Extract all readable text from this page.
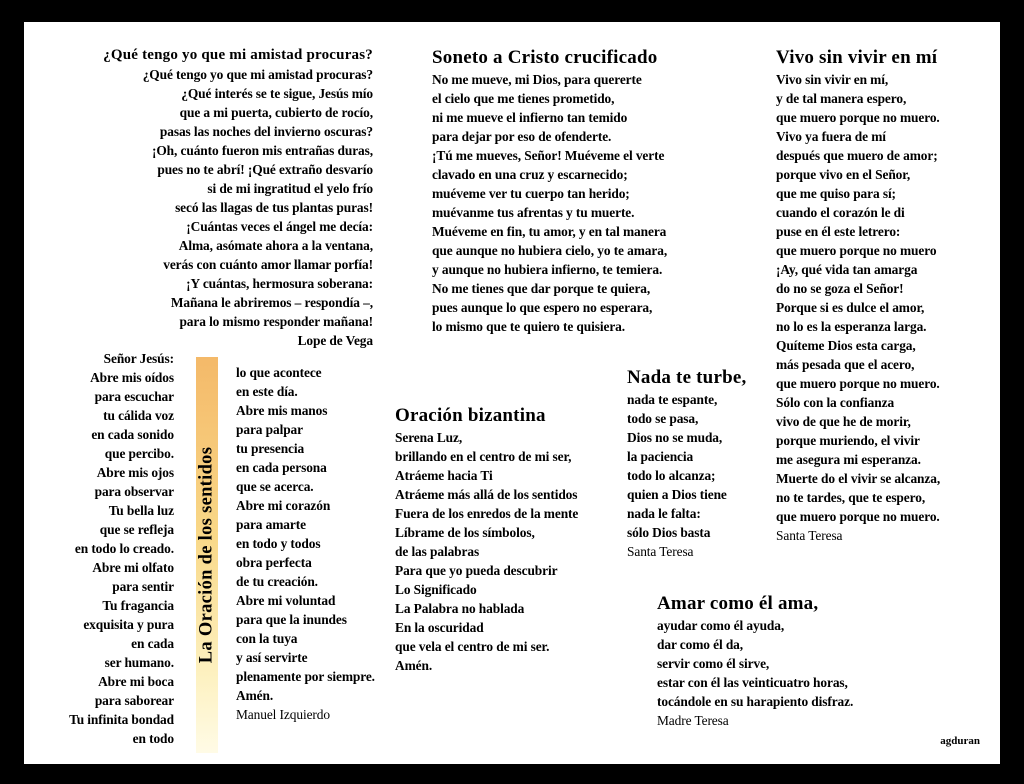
¿Qué tengo yo que mi amistad procuras?
¿Qué tengo yo que mi amistad procuras?
¿Qué interés se te sigue, Jesús mío
que a mi puerta, cubierto de rocío,
pasas las noches del invierno oscuras?
¡Oh, cuánto fueron mis entrañas duras,
pues no te abrí! ¡Qué extraño desvarío
si de mi ingratitud el yelo frío
secó las llagas de tus plantas puras!
¡Cuántas veces el ángel me decía:
Alma, asómate ahora a la ventana,
verás con cuánto amor llamar porfía!
¡Y cuántas, hermosura soberana:
Mañana le abriremos – respondía –,
para lo mismo responder mañana!
Lope de Vega
Soneto a Cristo crucificado
No me mueve, mi Dios, para quererte
el cielo que me tienes prometido,
ni me mueve el infierno tan temido
para dejar por eso de ofenderte.
¡Tú me mueves, Señor! Muéveme el verte
clavado en una cruz y escarnecido;
muéveme ver tu cuerpo tan herido;
muévanme tus afrentas y tu muerte.
Muéveme en fin, tu amor, y en tal manera
que aunque no hubiera cielo, yo te amara,
y aunque no hubiera infierno, te temiera.
No me tienes que dar porque te quiera,
pues aunque lo que espero no esperara,
lo mismo que te quiero te quisiera.
Vivo sin vivir en mí
Vivo sin vivir en mí,
y de tal manera espero,
que muero porque no muero.
Vivo ya fuera de mí
después que muero de amor;
porque vivo en el Señor,
que me quiso para sí;
cuando el corazón le di
puse en él este letrero:
que muero porque no muero
¡Ay, qué vida tan amarga
do no se goza el Señor!
Porque si es dulce el amor,
no lo es la esperanza larga.
Quíteme Dios esta carga,
más pesada que el acero,
que muero porque no muero.
Sólo con la confianza
vivo de que he de morir,
porque muriendo, el vivir
me asegura mi esperanza.
Muerte do el vivir se alcanza,
no te tardes, que te espero,
que muero porque no muero.
Santa Teresa
La Oración de los sentidos
Señor Jesús:
Abre mis oídos
para escuchar
tu cálida voz
en cada sonido
que percibo.
Abre mis ojos
para observar
Tu bella luz
que se refleja
en todo lo creado.
Abre mi olfato
para sentir
Tu fragancia
exquisita y pura
en cada
ser humano.
Abre mi boca
para saborear
Tu infinita bondad
en todo
lo que acontece
en este día.
Abre mis manos
para palpar
tu presencia
en cada persona
que se acerca.
Abre mi corazón
para amarte
en todo y todos
obra perfecta
de tu creación.
Abre mi voluntad
para que la inundes
con la tuya
y así servirte
plenamente por siempre.
Amén.
Manuel Izquierdo
Oración bizantina
Serena Luz,
brillando en el centro de mi ser,
Atráeme hacia Ti
Atráeme más allá de los sentidos
Fuera de los enredos de la mente
Líbrame de los símbolos,
de las palabras
Para que yo pueda descubrir
Lo Significado
La Palabra no hablada
En la oscuridad
que vela el centro de mi ser.
Amén.
Nada te turbe,
nada te espante,
todo se pasa,
Dios no se muda,
la paciencia
todo lo alcanza;
quien a Dios tiene
nada le falta:
sólo Dios basta
Santa Teresa
Amar como él ama,
ayudar como él ayuda,
dar como él da,
servir como él sirve,
estar con él las veinticuatro horas,
tocándole en su harapiento disfraz.
Madre Teresa
agduran
